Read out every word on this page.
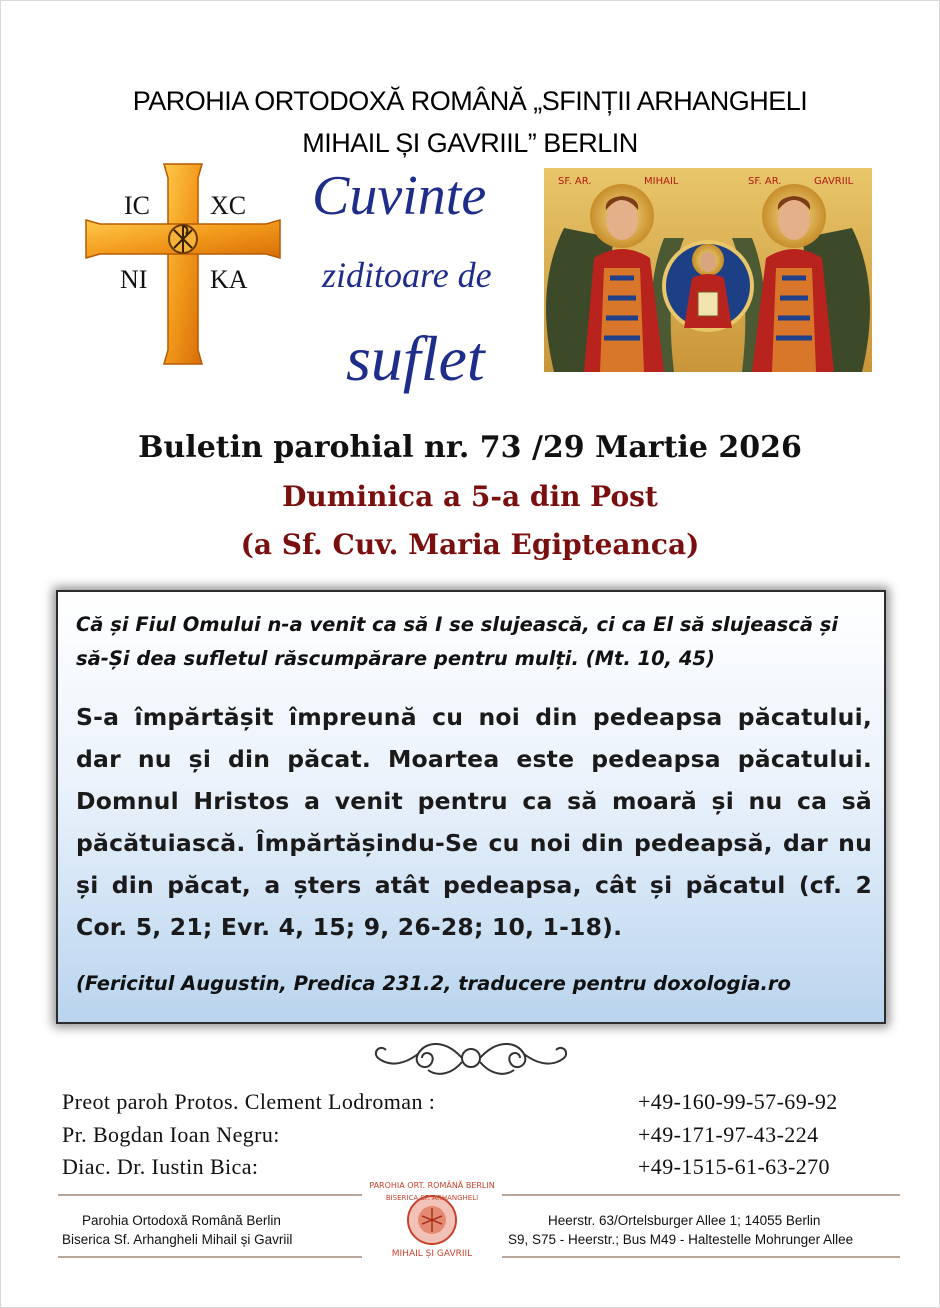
PAROHIA ORTODOXĂ ROMÂNĂ „SFINȚII ARHANGHELI
MIHAIL ȘI GAVRIIL” BERLIN
IC XC
NI KA
Cuvinte
ziditoare de
suflet
SF. AR.	MIHAIL	SF. AR.	GAVRIIL
Buletin parohial nr. 73 /29 Martie 2026
Duminica a 5-a din Post
(a Sf. Cuv. Maria Egipteanca)
Că și Fiul Omului n-a venit ca să I se slujească, ci ca El să slujească și să-Și dea sufletul răscumpărare pentru mulți. (Mt. 10, 45)
S-a împărtășit împreună cu noi din pedeapsa păcatului, dar nu și din păcat. Moartea este pedeapsa păcatului. Domnul Hristos a venit pentru ca să moară și nu ca să păcătuiască. Împărtășindu-Se cu noi din pedeapsă, dar nu și din păcat, a șters atât pedeapsa, cât și păcatul (cf. 2 Cor. 5, 21; Evr. 4, 15; 9, 26-28; 10, 1-18).
(Fericitul Augustin, Predica 231.2, traducere pentru doxologia.ro
Preot paroh Protos. Clement Lodroman :	+49-160-99-57-69-92
Pr. Bogdan Ioan Negru:	+49-171-97-43-224
Diac. Dr. Iustin Bica:	+49-1515-61-63-270
Parohia Ortodoxă Română Berlin
Biserica Sf. Arhangheli Mihail și Gavriil
Heerstr. 63/Ortelsburger Allee 1; 14055 Berlin
S9, S75 - Heerstr.; Bus M49 - Haltestelle Mohrunger Allee
PAROHIA ORT. ROMÂNĂ BERLIN
BISERICA SF. ARHANGHELI
MIHAIL ȘI GAVRIIL
